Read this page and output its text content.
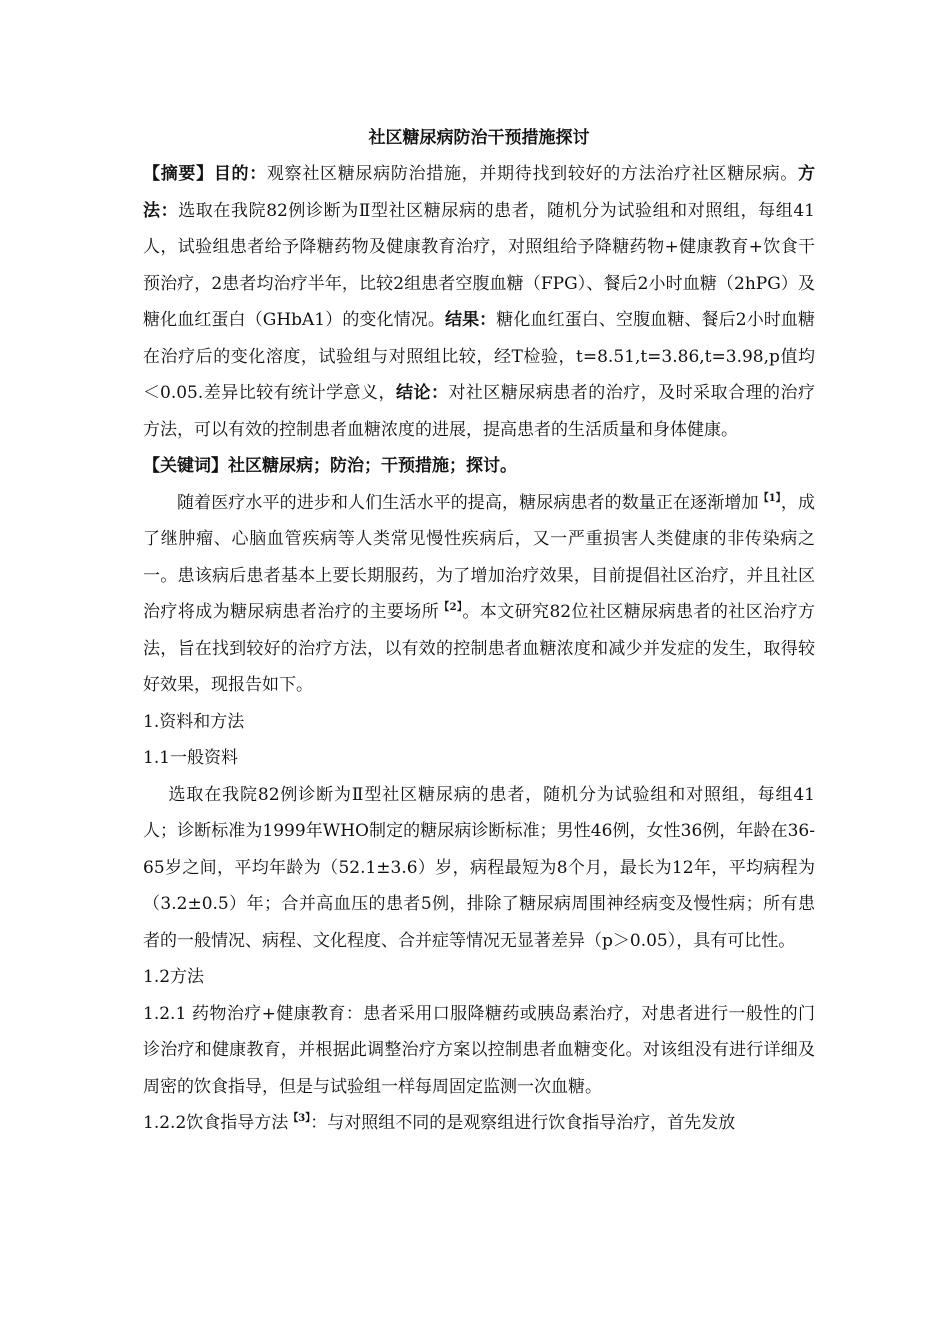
社区糖尿病防治干预措施探讨

【摘要】目的：观察社区糖尿病防治措施，并期待找到较好的方法治疗社区糖尿病。方法：选取在我院82例诊断为Ⅱ型社区糖尿病的患者，随机分为试验组和对照组，每组41人，试验组患者给予降糖药物及健康教育治疗，对照组给予降糖药物+健康教育+饮食干预治疗，2患者均治疗半年，比较2组患者空腹血糖（FPG）、餐后2小时血糖（2hPG）及糖化血红蛋白（GHbA1）的变化情况。结果：糖化血红蛋白、空腹血糖、餐后2小时血糖在治疗后的变化溶度，试验组与对照组比较，经T检验，t=8.51,t=3.86,t=3.98,p值均＜0.05.差异比较有统计学意义，结论：对社区糖尿病患者的治疗，及时采取合理的治疗方法，可以有效的控制患者血糖浓度的进展，提高患者的生活质量和身体健康。

【关键词】社区糖尿病；防治；干预措施；探讨。

随着医疗水平的进步和人们生活水平的提高，糖尿病患者的数量正在逐渐增加$^{【1】}$，成了继肿瘤、心脑血管疾病等人类常见慢性疾病后，又一严重损害人类健康的非传染病之一。患该病后患者基本上要长期服药，为了增加治疗效果，目前提倡社区治疗，并且社区治疗将成为糖尿病患者治疗的主要场所$^{【2】}$。本文研究82位社区糖尿病患者的社区治疗方法，旨在找到较好的治疗方法，以有效的控制患者血糖浓度和减少并发症的发生，取得较好效果，现报告如下。

1.资料和方法

1.1一般资料

选取在我院82例诊断为Ⅱ型社区糖尿病的患者，随机分为试验组和对照组，每组41人；诊断标准为1999年WHO制定的糖尿病诊断标准；男性46例，女性36例，年龄在36-65岁之间，平均年龄为（52.1±3.6）岁，病程最短为8个月，最长为12年，平均病程为（3.2±0.5）年；合并高血压的患者5例，排除了糖尿病周围神经病变及慢性病；所有患者的一般情况、病程、文化程度、合并症等情况无显著差异（p＞0.05），具有可比性。

1.2方法

1.2.1 药物治疗+健康教育：患者采用口服降糖药或胰岛素治疗，对患者进行一般性的门诊治疗和健康教育，并根据此调整治疗方案以控制患者血糖变化。对该组没有进行详细及周密的饮食指导，但是与试验组一样每周固定监测一次血糖。

1.2.2饮食指导方法$^{【3】}$：与对照组不同的是观察组进行饮食指导治疗，首先发放
